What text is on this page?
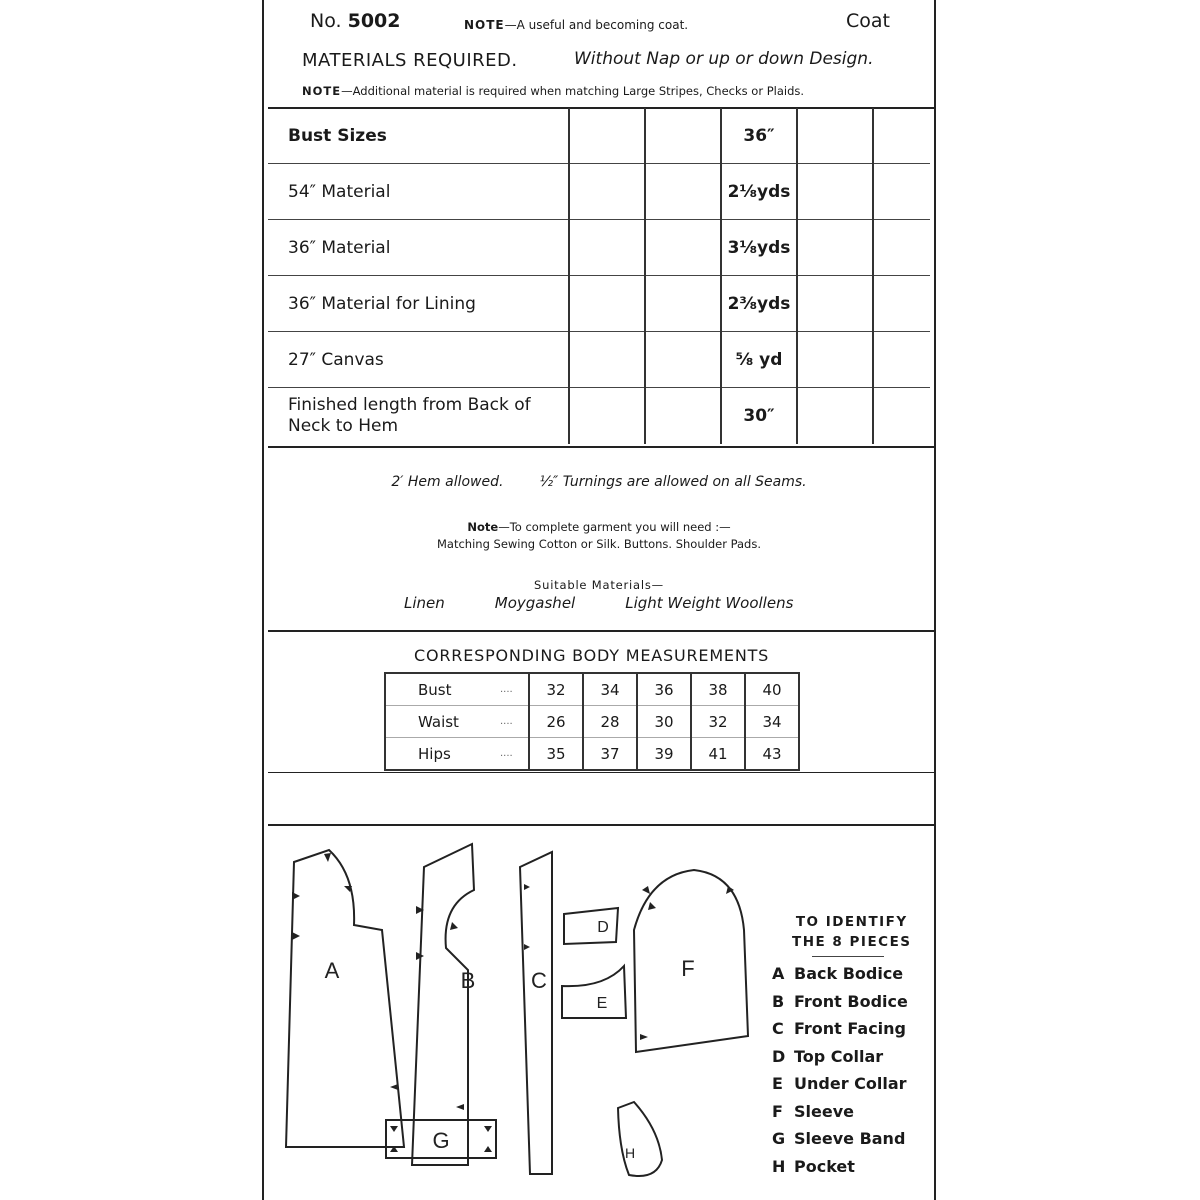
No. 5002	NOTE—A useful and becoming coat.	Coat
MATERIALS REQUIRED.	Without Nap or up or down Design.
NOTE—Additional material is required when matching Large Stripes, Checks or Plaids.
Bust Sizes			36″		
54″ Material			2⅛yds		
36″ Material			3⅛yds		
36″ Material for Lining			2⅜yds		
27″ Canvas			⅝ yd		

Finished length from Back of Neck to Hem			30″		
2′ Hem allowed.	½″ Turnings are allowed on all Seams.
Note—To complete garment you will need :—
Matching Sewing Cotton or Silk. Buttons. Shoulder Pads.
Suitable Materials—
Linen	Moygashel	Light Weight Woollens
CORRESPONDING BODY MEASUREMENTS
Bust	....	32	34	36	38	40
Waist	....	26	28	30	32	34
Hips	....	35	37	39	41	43
A	B	C
D
E
F
G	H
TO IDENTIFY
THE 8 PIECES
A Back Bodice
B Front Bodice
C Front Facing
D Top Collar
E Under Collar
F Sleeve
G Sleeve Band
H Pocket
